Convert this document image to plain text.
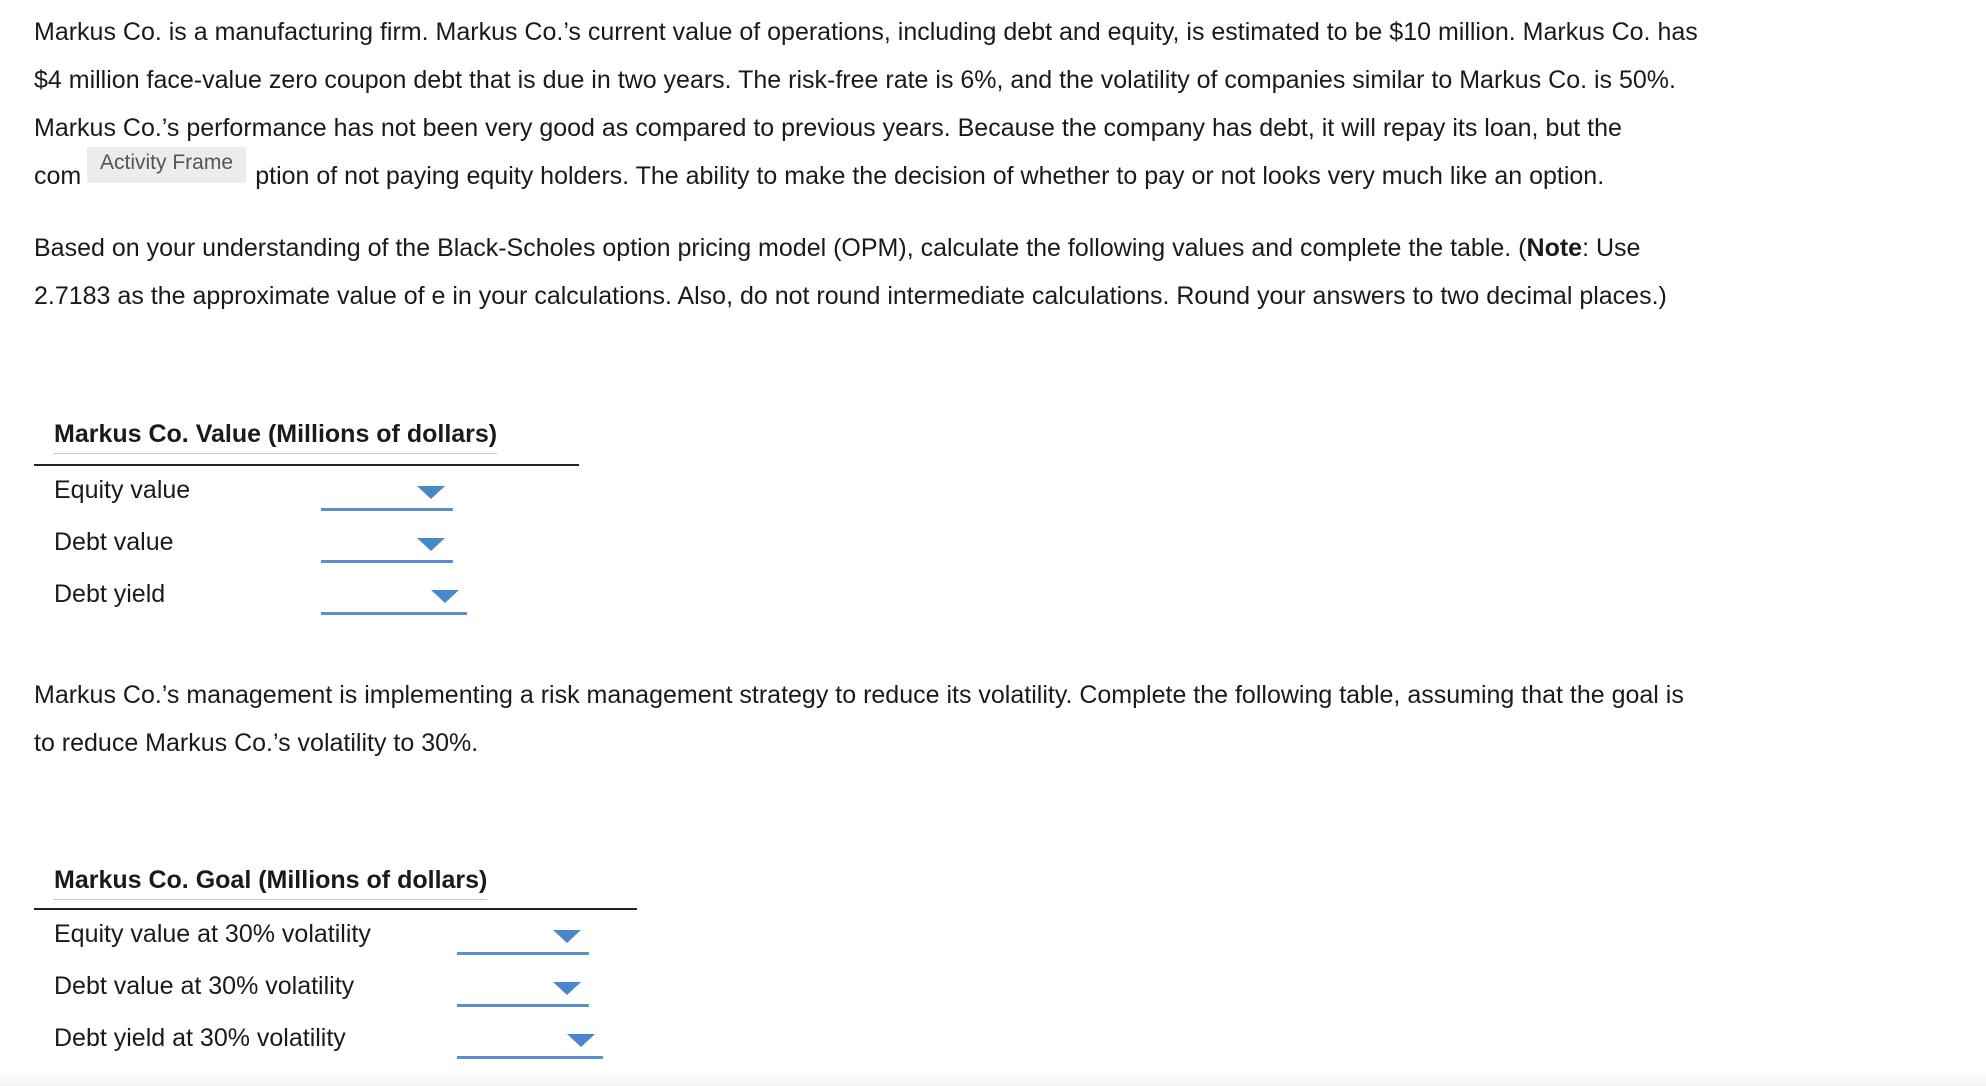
Markus Co. is a manufacturing firm. Markus Co.’s current value of operations, including debt and equity, is estimated to be $10 million. Markus Co. has
$4 million face-value zero coupon debt that is due in two years. The risk-free rate is 6%, and the volatility of companies similar to Markus Co. is 50%.
Markus Co.’s performance has not been very good as compared to previous years. Because the company has debt, it will repay its loan, but the
com	ption of not paying equity holders. The ability to make the decision of whether to pay or not looks very much like an option.
Activity Frame
Based on your understanding of the Black-Scholes option pricing model (OPM), calculate the following values and complete the table. (Note: Use
2.7183 as the approximate value of e in your calculations. Also, do not round intermediate calculations. Round your answers to two decimal places.)
Markus Co. Value (Millions of dollars)
Equity value
Debt value
Debt yield
Markus Co.’s management is implementing a risk management strategy to reduce its volatility. Complete the following table, assuming that the goal is
to reduce Markus Co.’s volatility to 30%.
Markus Co. Goal (Millions of dollars)
Equity value at 30% volatility
Debt value at 30% volatility
Debt yield at 30% volatility
